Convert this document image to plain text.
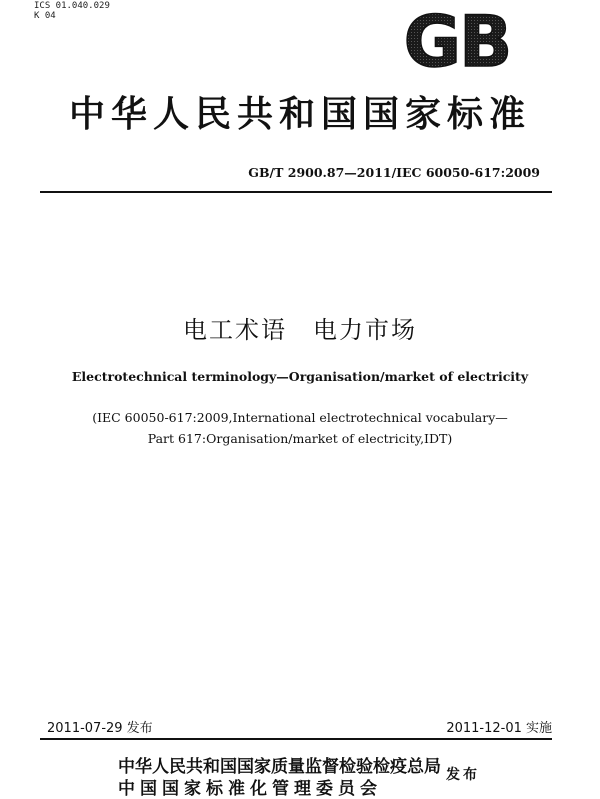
ICS 01.040.029
K 04	GB
中华人民共和国国家标准
GB/T 2900.87—2011/IEC 60050-617:2009
电工术语　电力市场
Electrotechnical terminology—Organisation/market of electricity
(IEC 60050-617:2009,International electrotechnical vocabulary—
Part 617:Organisation/market of electricity,IDT)
2011-07-29 发布	2011-12-01 实施
中华人民共和国国家质量监督检验检疫总局
中国国家标准化管理委员会
发布
